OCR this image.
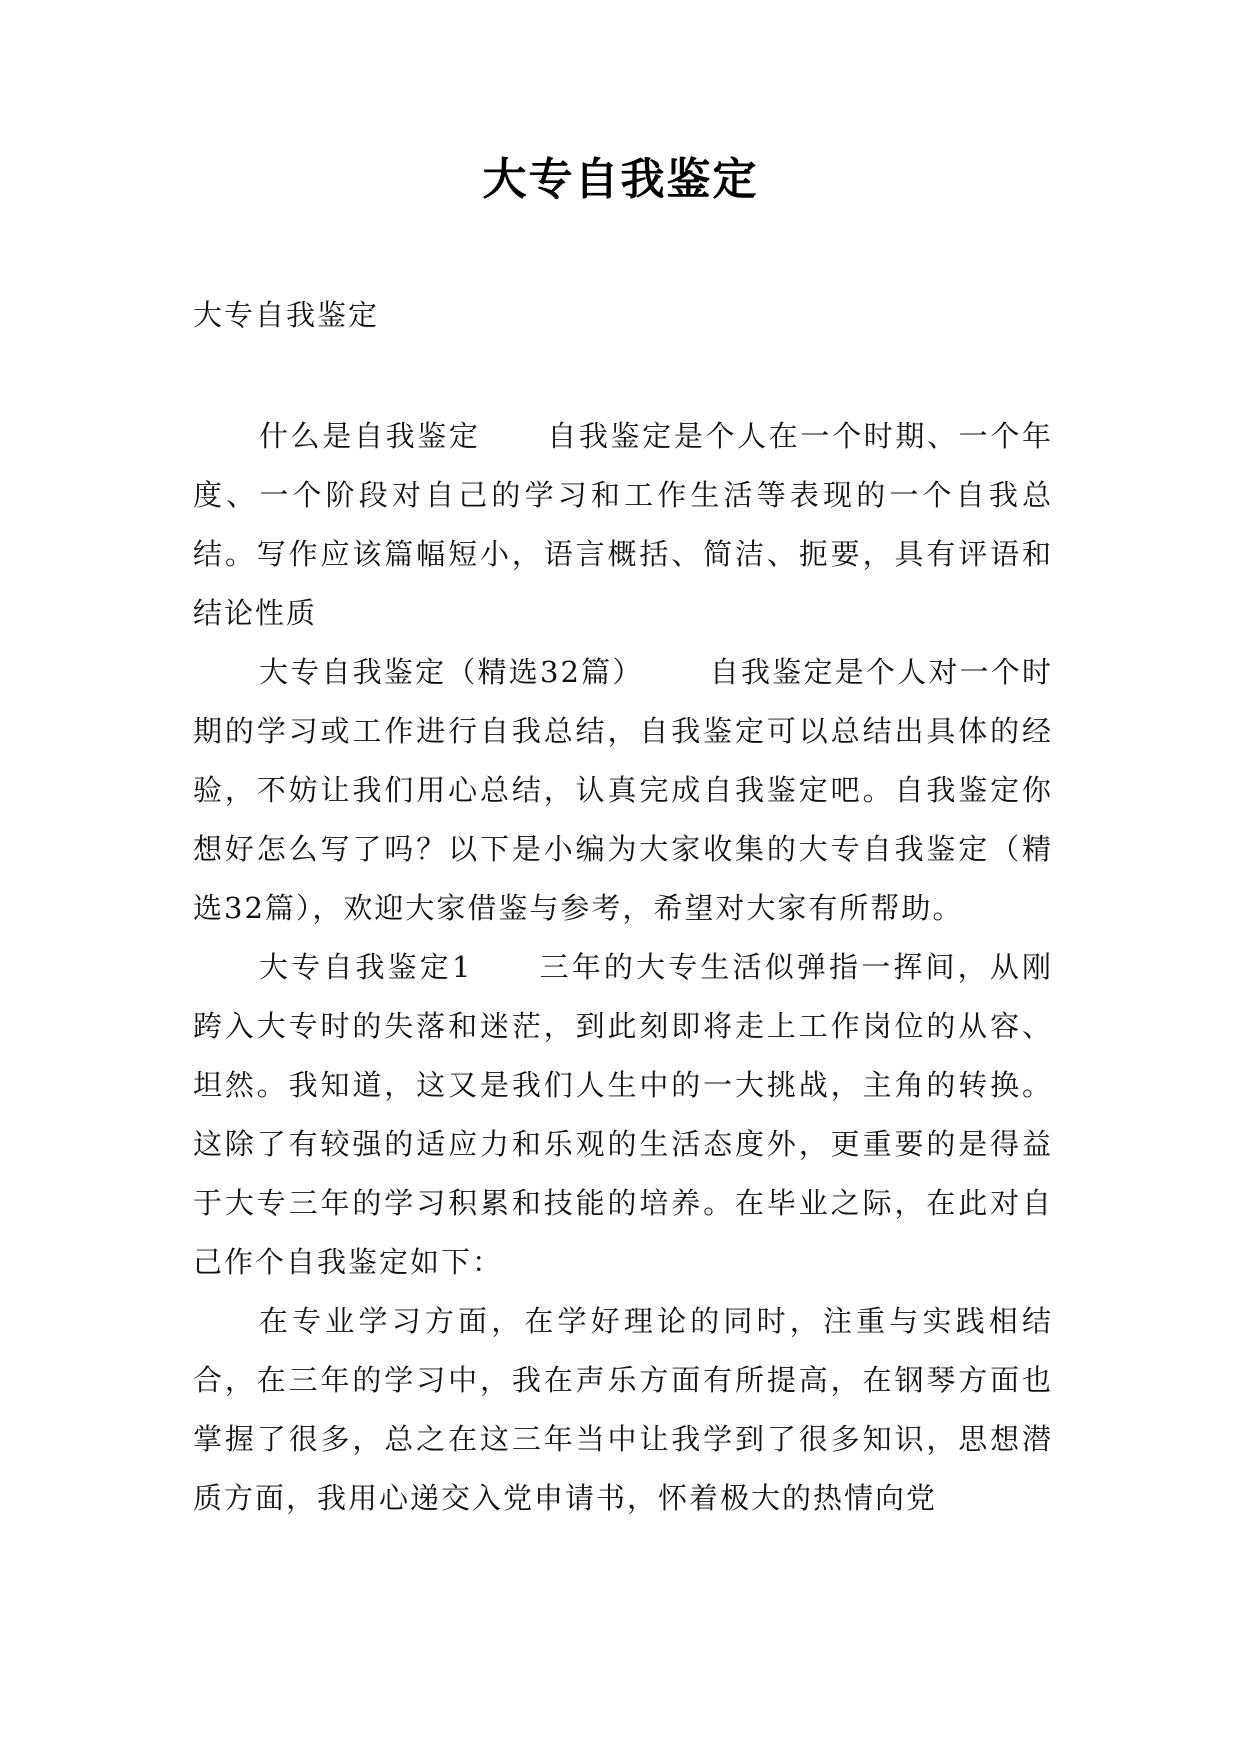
大专自我鉴定
大专自我鉴定

什么是自我鉴定 自我鉴定是个人在一个时期、一个年度、一个阶段对自己的学习和工作生活等表现的一个自我总结。写作应该篇幅短小，语言概括、简洁、扼要，具有评语和结论性质

大专自我鉴定（精选32篇） 自我鉴定是个人对一个时期的学习或工作进行自我总结，自我鉴定可以总结出具体的经验，不妨让我们用心总结，认真完成自我鉴定吧。自我鉴定你想好怎么写了吗？以下是小编为大家收集的大专自我鉴定（精选32篇），欢迎大家借鉴与参考，希望对大家有所帮助。

大专自我鉴定1 三年的大专生活似弹指一挥间，从刚跨入大专时的失落和迷茫，到此刻即将走上工作岗位的从容、坦然。我知道，这又是我们人生中的一大挑战，主角的转换。这除了有较强的适应力和乐观的生活态度外，更重要的是得益于大专三年的学习积累和技能的培养。在毕业之际，在此对自己作个自我鉴定如下：

在专业学习方面，在学好理论的同时，注重与实践相结合，在三年的学习中，我在声乐方面有所提高，在钢琴方面也掌握了很多，总之在这三年当中让我学到了很多知识，思想潜质方面，我用心递交入党申请书，怀着极大的热情向党
